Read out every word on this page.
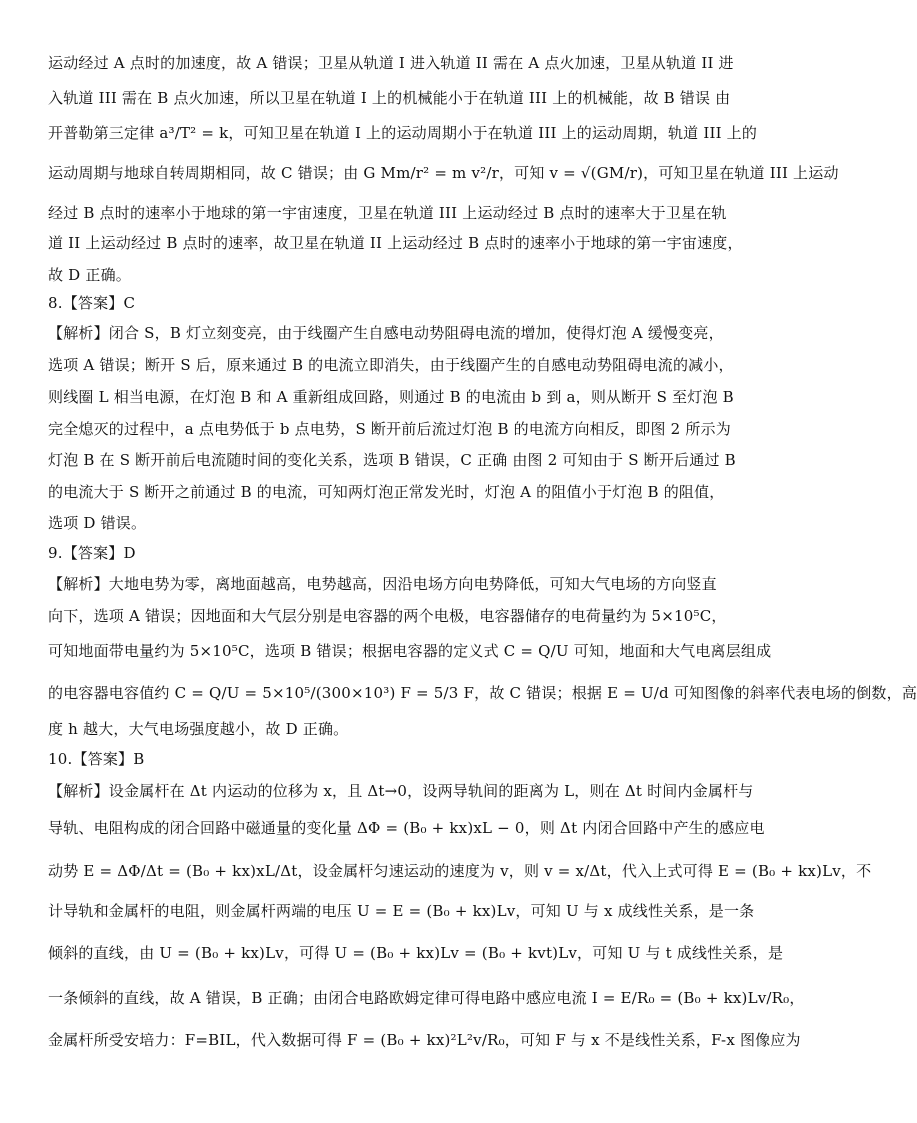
运动经过 A 点时的加速度，故 A 错误；卫星从轨道 I 进入轨道 II 需在 A 点火加速，卫星从轨道 II 进
入轨道 III 需在 B 点火加速，所以卫星在轨道 I 上的机械能小于在轨道 III 上的机械能，故 B 错误 由
开普勒第三定律 a³/T² = k，可知卫星在轨道 I 上的运动周期小于在轨道 III 上的运动周期，轨道 III 上的
运动周期与地球自转周期相同，故 C 错误；由 G Mm/r² = m v²/r，可知 v = √(GM/r)，可知卫星在轨道 III 上运动
经过 B 点时的速率小于地球的第一宇宙速度，卫星在轨道 III 上运动经过 B 点时的速率大于卫星在轨
道 II 上运动经过 B 点时的速率，故卫星在轨道 II 上运动经过 B 点时的速率小于地球的第一宇宙速度，
故 D 正确。
8.【答案】C
【解析】闭合 S，B 灯立刻变亮，由于线圈产生自感电动势阻碍电流的增加，使得灯泡 A 缓慢变亮，
选项 A 错误；断开 S 后，原来通过 B 的电流立即消失，由于线圈产生的自感电动势阻碍电流的减小，
则线圈 L 相当电源，在灯泡 B 和 A 重新组成回路，则通过 B 的电流由 b 到 a，则从断开 S 至灯泡 B
完全熄灭的过程中，a 点电势低于 b 点电势，S 断开前后流过灯泡 B 的电流方向相反，即图 2 所示为
灯泡 B 在 S 断开前后电流随时间的变化关系，选项 B 错误，C 正确 由图 2 可知由于 S 断开后通过 B
的电流大于 S 断开之前通过 B 的电流，可知两灯泡正常发光时，灯泡 A 的阻值小于灯泡 B 的阻值，
选项 D 错误。
9.【答案】D
【解析】大地电势为零，离地面越高，电势越高，因沿电场方向电势降低，可知大气电场的方向竖直
向下，选项 A 错误；因地面和大气层分别是电容器的两个电极，电容器储存的电荷量约为 5×10⁵C，
可知地面带电量约为 5×10⁵C，选项 B 错误；根据电容器的定义式 C = Q/U 可知，地面和大气电离层组成
的电容器电容值约 C = Q/U = 5×10⁵/(300×10³) F = 5/3 F，故 C 错误；根据 E = U/d 可知图像的斜率代表电场的倒数，高
度 h 越大，大气电场强度越小，故 D 正确。
10.【答案】B
【解析】设金属杆在 Δt 内运动的位移为 x，且 Δt→0，设两导轨间的距离为 L，则在 Δt 时间内金属杆与
导轨、电阻构成的闭合回路中磁通量的变化量 ΔΦ = (B₀ + kx)xL − 0，则 Δt 内闭合回路中产生的感应电
动势 E = ΔΦ/Δt = (B₀ + kx)xL/Δt，设金属杆匀速运动的速度为 v，则 v = x/Δt，代入上式可得 E = (B₀ + kx)Lv，不
计导轨和金属杆的电阻，则金属杆两端的电压 U = E = (B₀ + kx)Lv，可知 U 与 x 成线性关系，是一条
倾斜的直线，由 U = (B₀ + kx)Lv，可得 U = (B₀ + kx)Lv = (B₀ + kvt)Lv，可知 U 与 t 成线性关系，是
一条倾斜的直线，故 A 错误，B 正确；由闭合电路欧姆定律可得电路中感应电流 I = E/R₀ = (B₀ + kx)Lv/R₀，
金属杆所受安培力：F=BIL，代入数据可得 F = (B₀ + kx)²L²v/R₀，可知 F 与 x 不是线性关系，F-x 图像应为
